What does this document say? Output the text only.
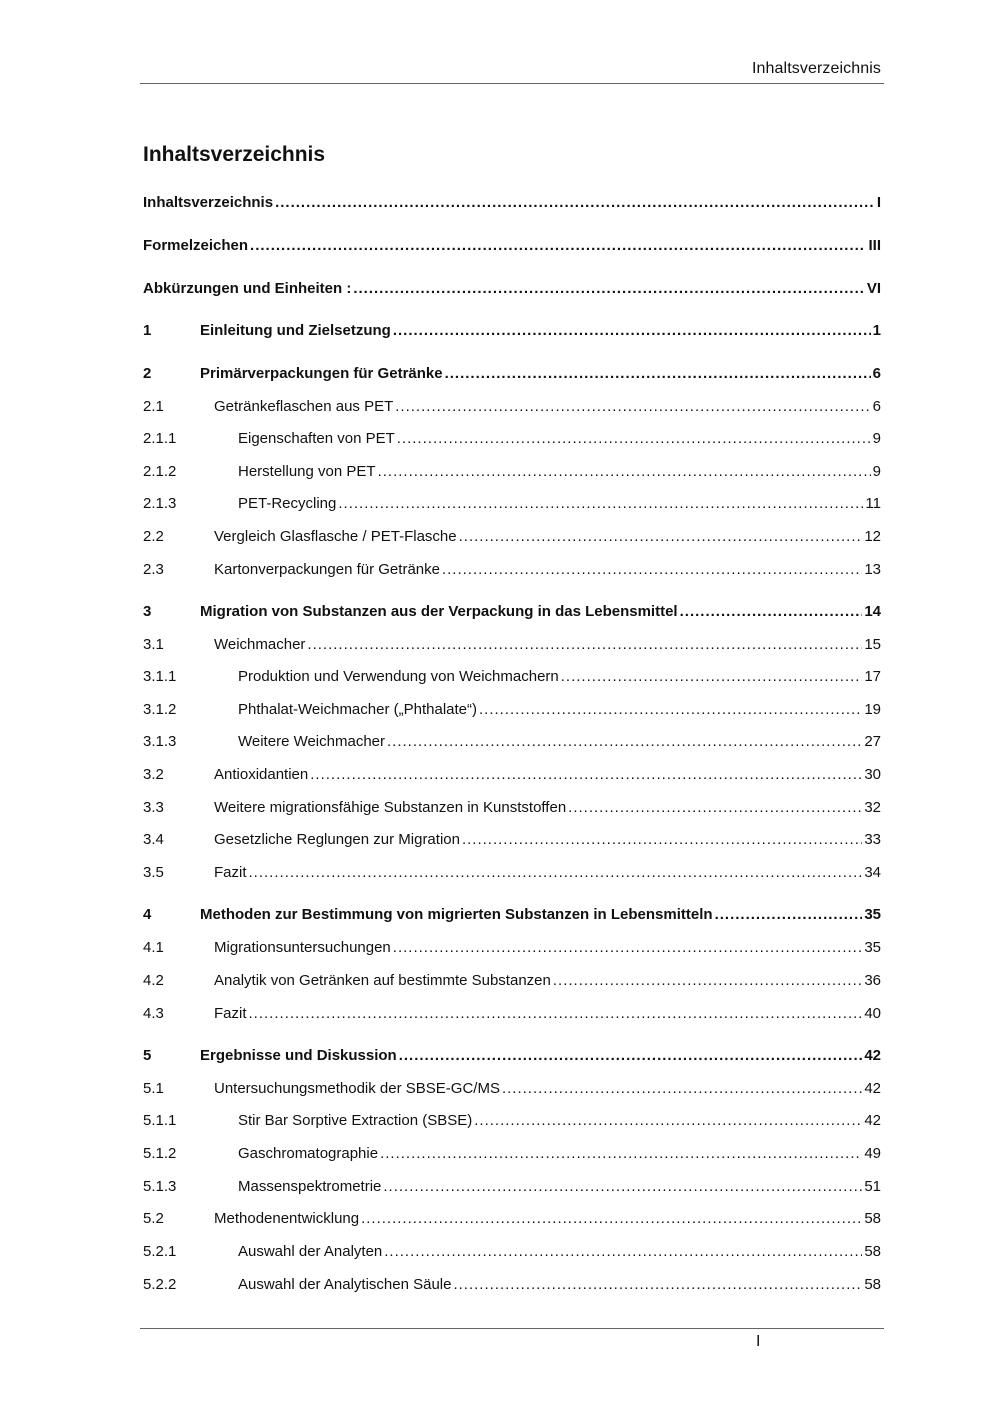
Inhaltsverzeichnis
Inhaltsverzeichnis
Inhaltsverzeichnis .....	I
Formelzeichen .....	III
Abkürzungen und Einheiten : .....	VI
1	Einleitung und Zielsetzung .....	1
2	Primärverpackungen für Getränke .....	6
2.1	Getränkeflaschen aus PET .....	6
2.1.1	Eigenschaften von PET .....	9
2.1.2	Herstellung von PET .....	9
2.1.3	PET-Recycling .....	11
2.2	Vergleich Glasflasche / PET-Flasche .....	12
2.3	Kartonverpackungen für Getränke .....	13
3	Migration von Substanzen aus der Verpackung in das Lebensmittel .....	14
3.1	Weichmacher .....	15
3.1.1	Produktion und Verwendung von Weichmachern .....	17
3.1.2	Phthalat-Weichmacher („Phthalate“) .....	19
3.1.3	Weitere Weichmacher .....	27
3.2	Antioxidantien .....	30
3.3	Weitere migrationsfähige Substanzen in Kunststoffen .....	32
3.4	Gesetzliche Reglungen zur Migration .....	33
3.5	Fazit .....	34
4	Methoden zur Bestimmung von migrierten Substanzen in Lebensmitteln .....	35
4.1	Migrationsuntersuchungen .....	35
4.2	Analytik von Getränken auf bestimmte Substanzen .....	36
4.3	Fazit .....	40
5	Ergebnisse und Diskussion .....	42
5.1	Untersuchungsmethodik der SBSE-GC/MS .....	42
5.1.1	Stir Bar Sorptive Extraction (SBSE) .....	42
5.1.2	Gaschromatographie .....	49
5.1.3	Massenspektrometrie .....	51
5.2	Methodenentwicklung .....	58
5.2.1	Auswahl der Analyten .....	58
5.2.2	Auswahl der Analytischen Säule .....	58
I
